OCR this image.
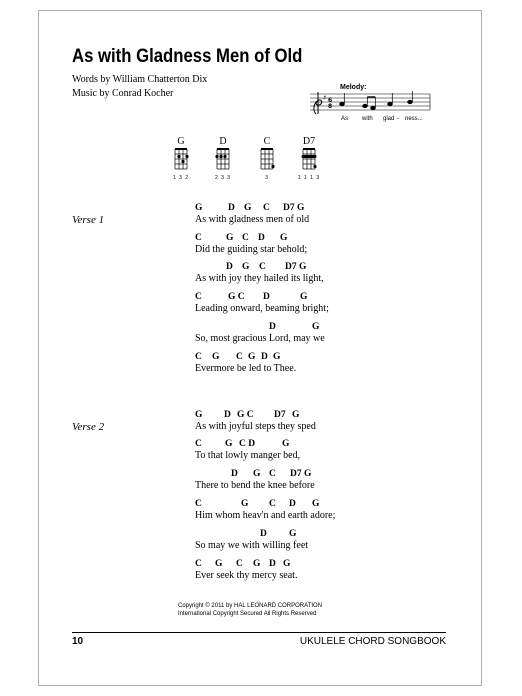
As with Gladness Men of Old
Words by William Chatterton Dix
Music by Conrad Kocher
Melody:
♯ 6
8
As with glad - ness...
G
1 3 2
D
2 3 3
C
3
D7
1 1 1 3
Verse 1
G	D G C D7 G
As with gladness men of old
C	G C D G
Did the guiding star behold;
D G C D7 G
As with joy they hailed its light,
C	G C D	G
Leading onward, beaming bright;
D	G
So, most gracious Lord, may we
C G C G D G
Evermore be led to Thee.
Verse 2
G D G C D7 G
As with joyful steps they sped
C G C D	G
To that lowly manger bed,
D G C D7 G
There to bend the knee before
C	G C D G
Him whom heav'n and earth adore;
D G
So may we with willing feet
C G C G D G
Ever seek thy mercy seat.
Copyright © 2011 by HAL LEONARD CORPORATION
International Copyright Secured All Rights Reserved
10	UKULELE CHORD SONGBOOK
